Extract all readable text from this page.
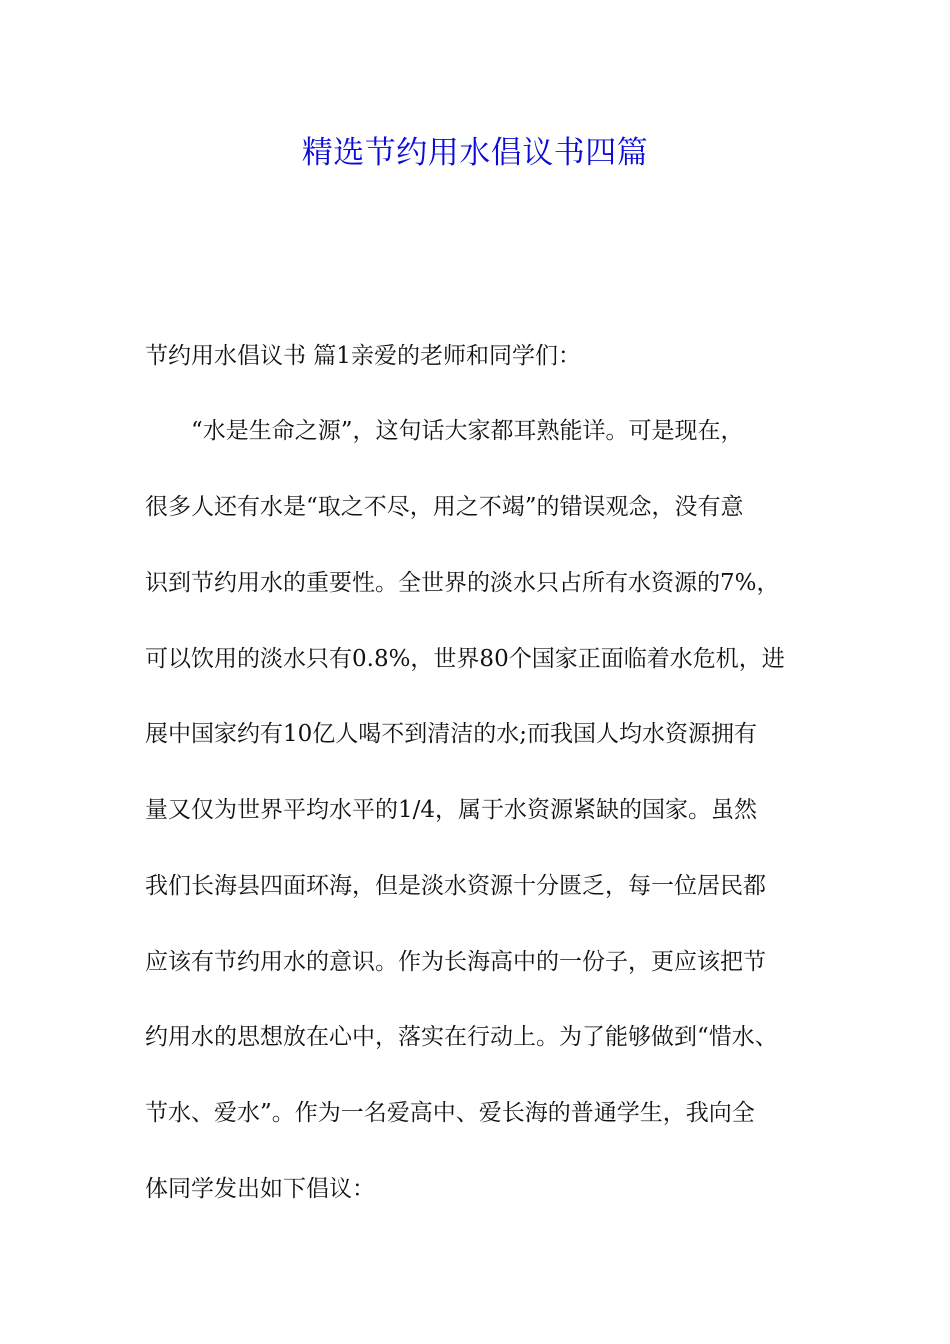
精选节约用水倡议书四篇
节约用水倡议书 篇1亲爱的老师和同学们：
　　“水是生命之源”，这句话大家都耳熟能详。可是现在，
很多人还有水是“取之不尽，用之不竭”的错误观念，没有意
识到节约用水的重要性。全世界的淡水只占所有水资源的7%，
可以饮用的淡水只有0.8%，世界80个国家正面临着水危机，进
展中国家约有10亿人喝不到清洁的水;而我国人均水资源拥有
量又仅为世界平均水平的1/4，属于水资源紧缺的国家。虽然
我们长海县四面环海，但是淡水资源十分匮乏，每一位居民都
应该有节约用水的意识。作为长海高中的一份子，更应该把节
约用水的思想放在心中，落实在行动上。为了能够做到“惜水、
节水、爱水”。作为一名爱高中、爱长海的普通学生，我向全
体同学发出如下倡议：
